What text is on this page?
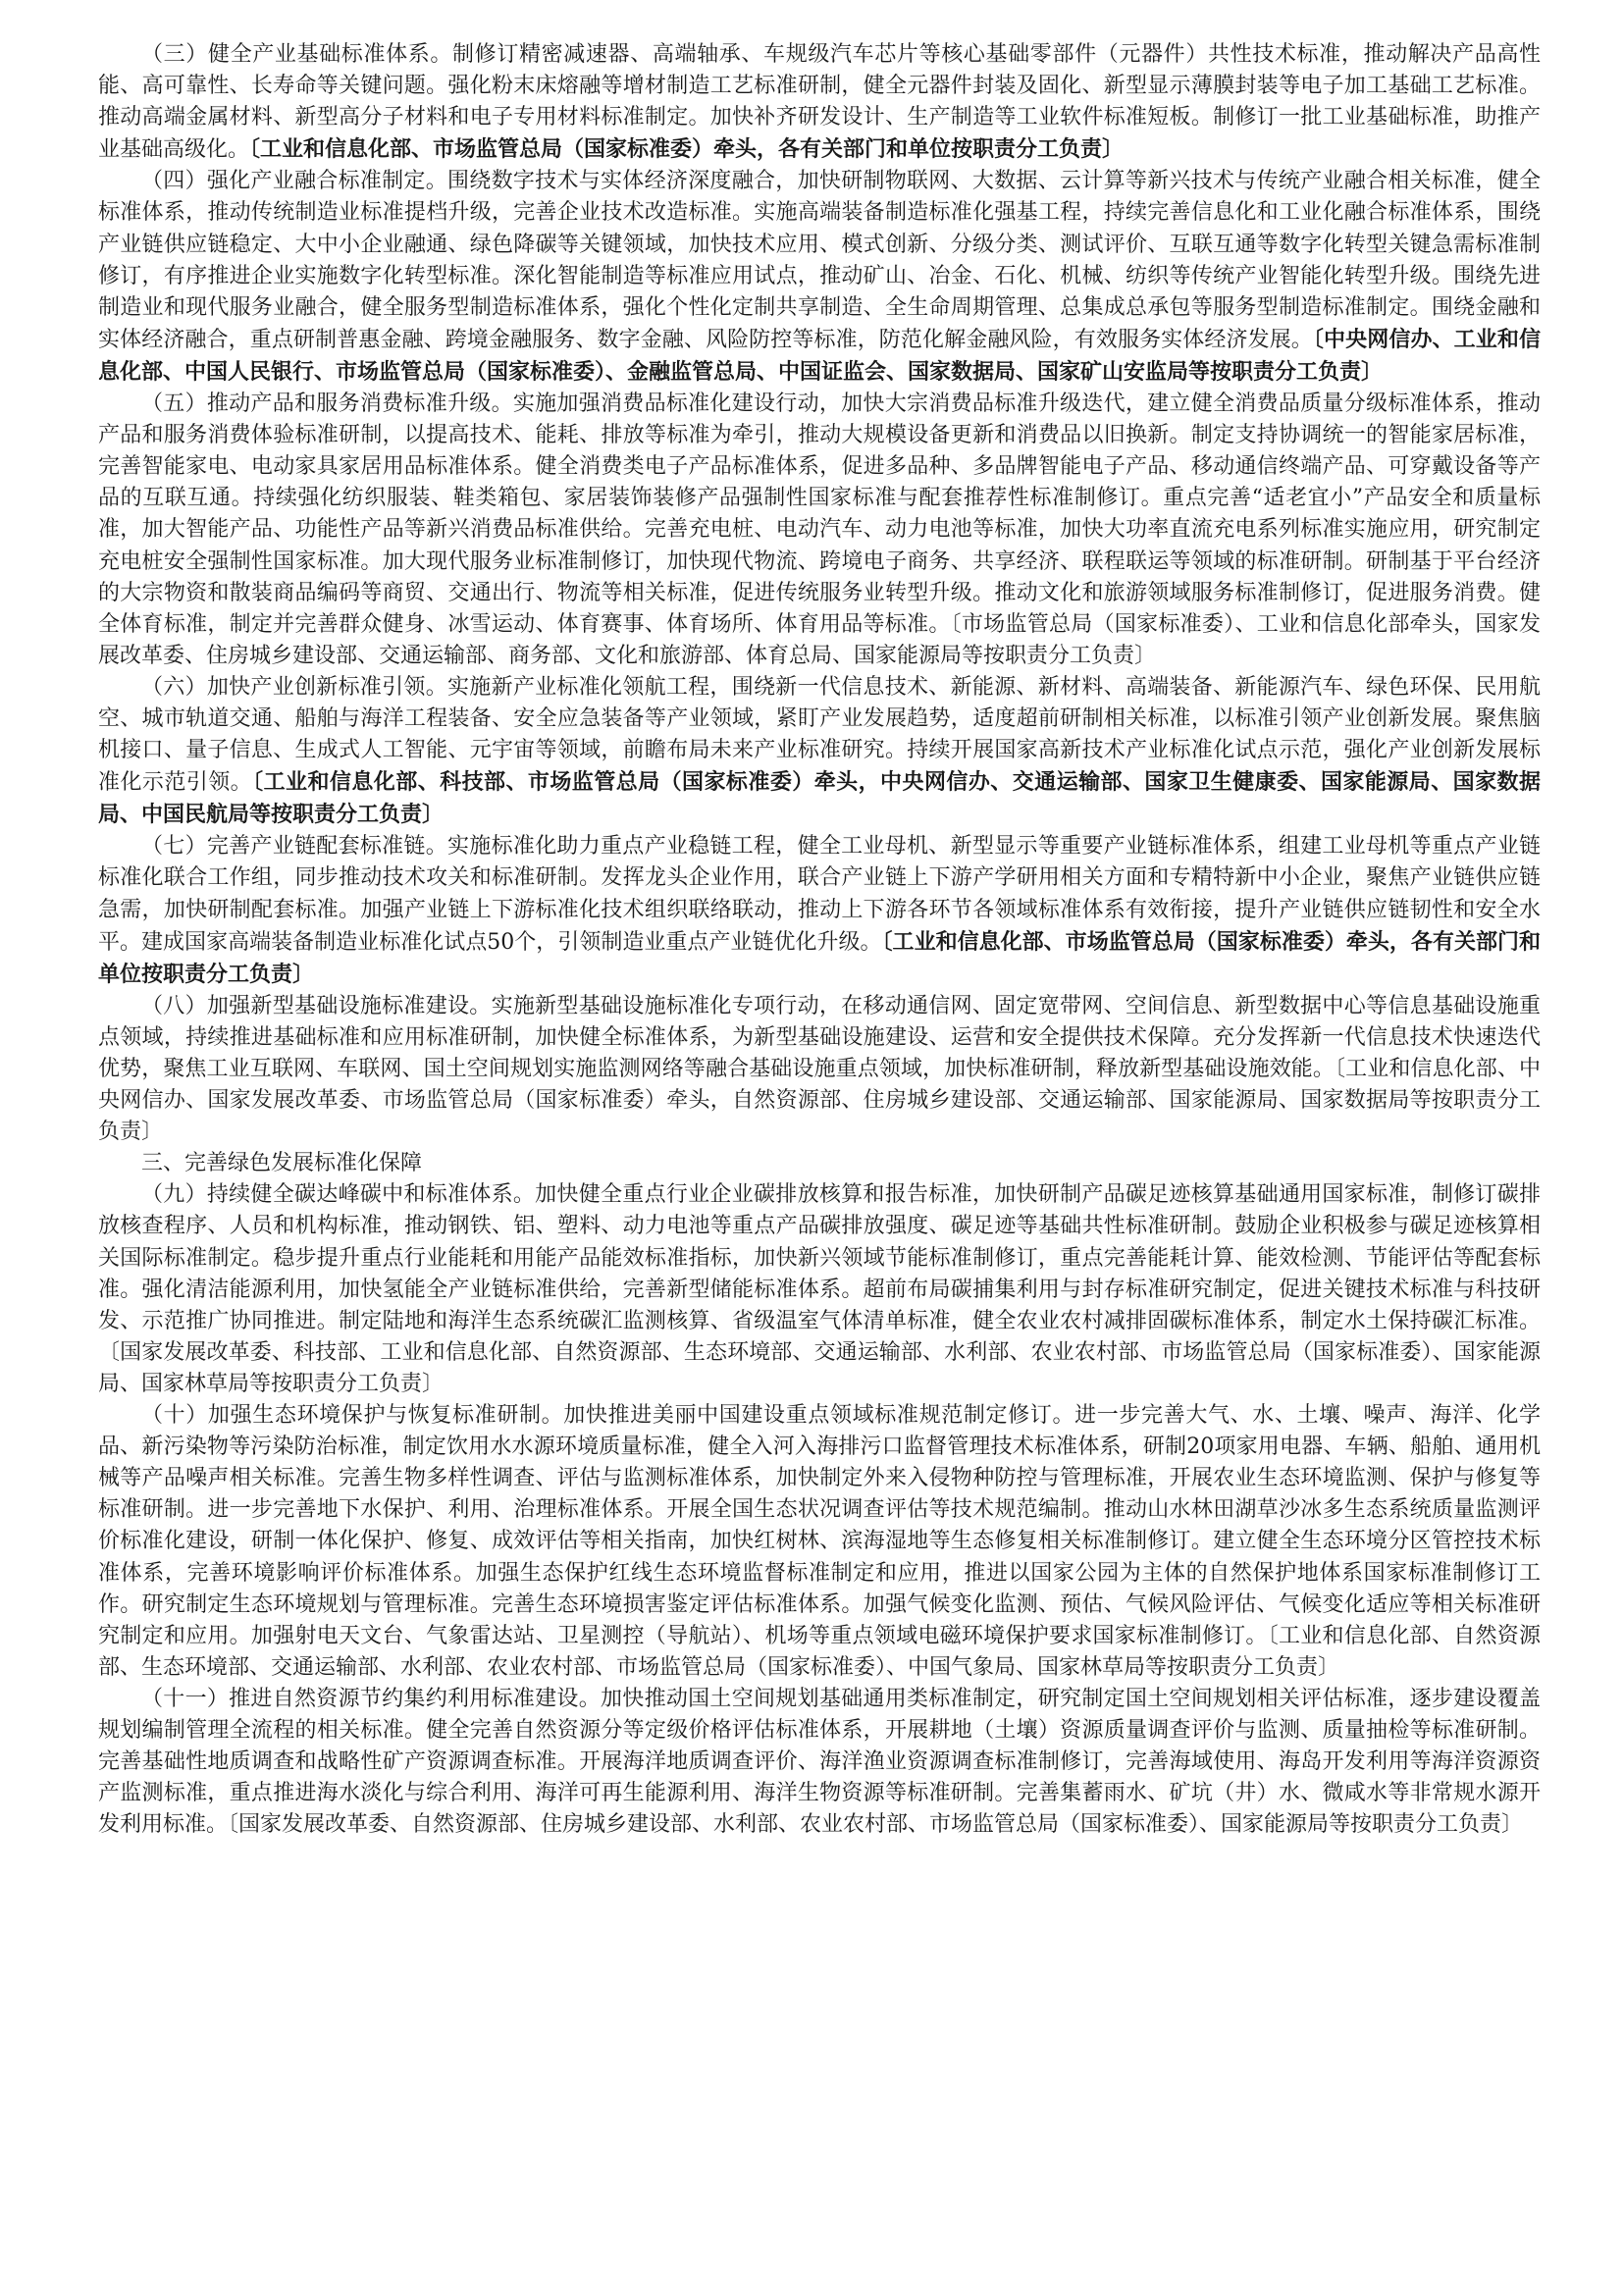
（三）健全产业基础标准体系。制修订精密减速器、高端轴承、车规级汽车芯片等核心基础零部件（元器件）共性技术标准，推动解决产品高性能、高可靠性、长寿命等关键问题。强化粉末床熔融等增材制造工艺标准研制，健全元器件封装及固化、新型显示薄膜封装等电子加工基础工艺标准。推动高端金属材料、新型高分子材料和电子专用材料标准制定。加快补齐研发设计、生产制造等工业软件标准短板。制修订一批工业基础标准，助推产业基础高级化。〔工业和信息化部、市场监管总局（国家标准委）牵头，各有关部门和单位按职责分工负责〕

（四）强化产业融合标准制定。围绕数字技术与实体经济深度融合，加快研制物联网、大数据、云计算等新兴技术与传统产业融合相关标准，健全标准体系，推动传统制造业标准提档升级，完善企业技术改造标准。实施高端装备制造标准化强基工程，持续完善信息化和工业化融合标准体系，围绕产业链供应链稳定、大中小企业融通、绿色降碳等关键领域，加快技术应用、模式创新、分级分类、测试评价、互联互通等数字化转型关键急需标准制修订，有序推进企业实施数字化转型标准。深化智能制造等标准应用试点，推动矿山、冶金、石化、机械、纺织等传统产业智能化转型升级。围绕先进制造业和现代服务业融合，健全服务型制造标准体系，强化个性化定制共享制造、全生命周期管理、总集成总承包等服务型制造标准制定。围绕金融和实体经济融合，重点研制普惠金融、跨境金融服务、数字金融、风险防控等标准，防范化解金融风险，有效服务实体经济发展。〔中央网信办、工业和信息化部、中国人民银行、市场监管总局（国家标准委）、金融监管总局、中国证监会、国家数据局、国家矿山安监局等按职责分工负责〕

（五）推动产品和服务消费标准升级。实施加强消费品标准化建设行动，加快大宗消费品标准升级迭代，建立健全消费品质量分级标准体系，推动产品和服务消费体验标准研制，以提高技术、能耗、排放等标准为牵引，推动大规模设备更新和消费品以旧换新。制定支持协调统一的智能家居标准，完善智能家电、电动家具家居用品标准体系。健全消费类电子产品标准体系，促进多品种、多品牌智能电子产品、移动通信终端产品、可穿戴设备等产品的互联互通。持续强化纺织服装、鞋类箱包、家居装饰装修产品强制性国家标准与配套推荐性标准制修订。重点完善“适老宜小”产品安全和质量标准，加大智能产品、功能性产品等新兴消费品标准供给。完善充电桩、电动汽车、动力电池等标准，加快大功率直流充电系列标准实施应用，研究制定充电桩安全强制性国家标准。加大现代服务业标准制修订，加快现代物流、跨境电子商务、共享经济、联程联运等领域的标准研制。研制基于平台经济的大宗物资和散装商品编码等商贸、交通出行、物流等相关标准，促进传统服务业转型升级。推动文化和旅游领域服务标准制修订，促进服务消费。健全体育标准，制定并完善群众健身、冰雪运动、体育赛事、体育场所、体育用品等标准。〔市场监管总局（国家标准委）、工业和信息化部牵头，国家发展改革委、住房城乡建设部、交通运输部、商务部、文化和旅游部、体育总局、国家能源局等按职责分工负责〕

（六）加快产业创新标准引领。实施新产业标准化领航工程，围绕新一代信息技术、新能源、新材料、高端装备、新能源汽车、绿色环保、民用航空、城市轨道交通、船舶与海洋工程装备、安全应急装备等产业领域，紧盯产业发展趋势，适度超前研制相关标准，以标准引领产业创新发展。聚焦脑机接口、量子信息、生成式人工智能、元宇宙等领域，前瞻布局未来产业标准研究。持续开展国家高新技术产业标准化试点示范，强化产业创新发展标准化示范引领。〔工业和信息化部、科技部、市场监管总局（国家标准委）牵头，中央网信办、交通运输部、国家卫生健康委、国家能源局、国家数据局、中国民航局等按职责分工负责〕

（七）完善产业链配套标准链。实施标准化助力重点产业稳链工程，健全工业母机、新型显示等重要产业链标准体系，组建工业母机等重点产业链标准化联合工作组，同步推动技术攻关和标准研制。发挥龙头企业作用，联合产业链上下游产学研用相关方面和专精特新中小企业，聚焦产业链供应链急需，加快研制配套标准。加强产业链上下游标准化技术组织联络联动，推动上下游各环节各领域标准体系有效衔接，提升产业链供应链韧性和安全水平。建成国家高端装备制造业标准化试点50个，引领制造业重点产业链优化升级。〔工业和信息化部、市场监管总局（国家标准委）牵头，各有关部门和单位按职责分工负责〕

（八）加强新型基础设施标准建设。实施新型基础设施标准化专项行动，在移动通信网、固定宽带网、空间信息、新型数据中心等信息基础设施重点领域，持续推进基础标准和应用标准研制，加快健全标准体系，为新型基础设施建设、运营和安全提供技术保障。充分发挥新一代信息技术快速迭代优势，聚焦工业互联网、车联网、国土空间规划实施监测网络等融合基础设施重点领域，加快标准研制，释放新型基础设施效能。〔工业和信息化部、中央网信办、国家发展改革委、市场监管总局（国家标准委）牵头，自然资源部、住房城乡建设部、交通运输部、国家能源局、国家数据局等按职责分工负责〕

三、完善绿色发展标准化保障

（九）持续健全碳达峰碳中和标准体系。加快健全重点行业企业碳排放核算和报告标准，加快研制产品碳足迹核算基础通用国家标准，制修订碳排放核查程序、人员和机构标准，推动钢铁、铝、塑料、动力电池等重点产品碳排放强度、碳足迹等基础共性标准研制。鼓励企业积极参与碳足迹核算相关国际标准制定。稳步提升重点行业能耗和用能产品能效标准指标，加快新兴领域节能标准制修订，重点完善能耗计算、能效检测、节能评估等配套标准。强化清洁能源利用，加快氢能全产业链标准供给，完善新型储能标准体系。超前布局碳捕集利用与封存标准研究制定，促进关键技术标准与科技研发、示范推广协同推进。制定陆地和海洋生态系统碳汇监测核算、省级温室气体清单标准，健全农业农村减排固碳标准体系，制定水土保持碳汇标准。〔国家发展改革委、科技部、工业和信息化部、自然资源部、生态环境部、交通运输部、水利部、农业农村部、市场监管总局（国家标准委）、国家能源局、国家林草局等按职责分工负责〕

（十）加强生态环境保护与恢复标准研制。加快推进美丽中国建设重点领域标准规范制定修订。进一步完善大气、水、土壤、噪声、海洋、化学品、新污染物等污染防治标准，制定饮用水水源环境质量标准，健全入河入海排污口监督管理技术标准体系，研制20项家用电器、车辆、船舶、通用机械等产品噪声相关标准。完善生物多样性调查、评估与监测标准体系，加快制定外来入侵物种防控与管理标准，开展农业生态环境监测、保护与修复等标准研制。进一步完善地下水保护、利用、治理标准体系。开展全国生态状况调查评估等技术规范编制。推动山水林田湖草沙冰多生态系统质量监测评价标准化建设，研制一体化保护、修复、成效评估等相关指南，加快红树林、滨海湿地等生态修复相关标准制修订。建立健全生态环境分区管控技术标准体系，完善环境影响评价标准体系。加强生态保护红线生态环境监督标准制定和应用，推进以国家公园为主体的自然保护地体系国家标准制修订工作。研究制定生态环境规划与管理标准。完善生态环境损害鉴定评估标准体系。加强气候变化监测、预估、气候风险评估、气候变化适应等相关标准研究制定和应用。加强射电天文台、气象雷达站、卫星测控（导航站）、机场等重点领域电磁环境保护要求国家标准制修订。〔工业和信息化部、自然资源部、生态环境部、交通运输部、水利部、农业农村部、市场监管总局（国家标准委）、中国气象局、国家林草局等按职责分工负责〕

（十一）推进自然资源节约集约利用标准建设。加快推动国土空间规划基础通用类标准制定，研究制定国土空间规划相关评估标准，逐步建设覆盖规划编制管理全流程的相关标准。健全完善自然资源分等定级价格评估标准体系，开展耕地（土壤）资源质量调查评价与监测、质量抽检等标准研制。完善基础性地质调查和战略性矿产资源调查标准。开展海洋地质调查评价、海洋渔业资源调查标准制修订，完善海域使用、海岛开发利用等海洋资源资产监测标准，重点推进海水淡化与综合利用、海洋可再生能源利用、海洋生物资源等标准研制。完善集蓄雨水、矿坑（井）水、微咸水等非常规水源开发利用标准。〔国家发展改革委、自然资源部、住房城乡建设部、水利部、农业农村部、市场监管总局（国家标准委）、国家能源局等按职责分工负责〕
